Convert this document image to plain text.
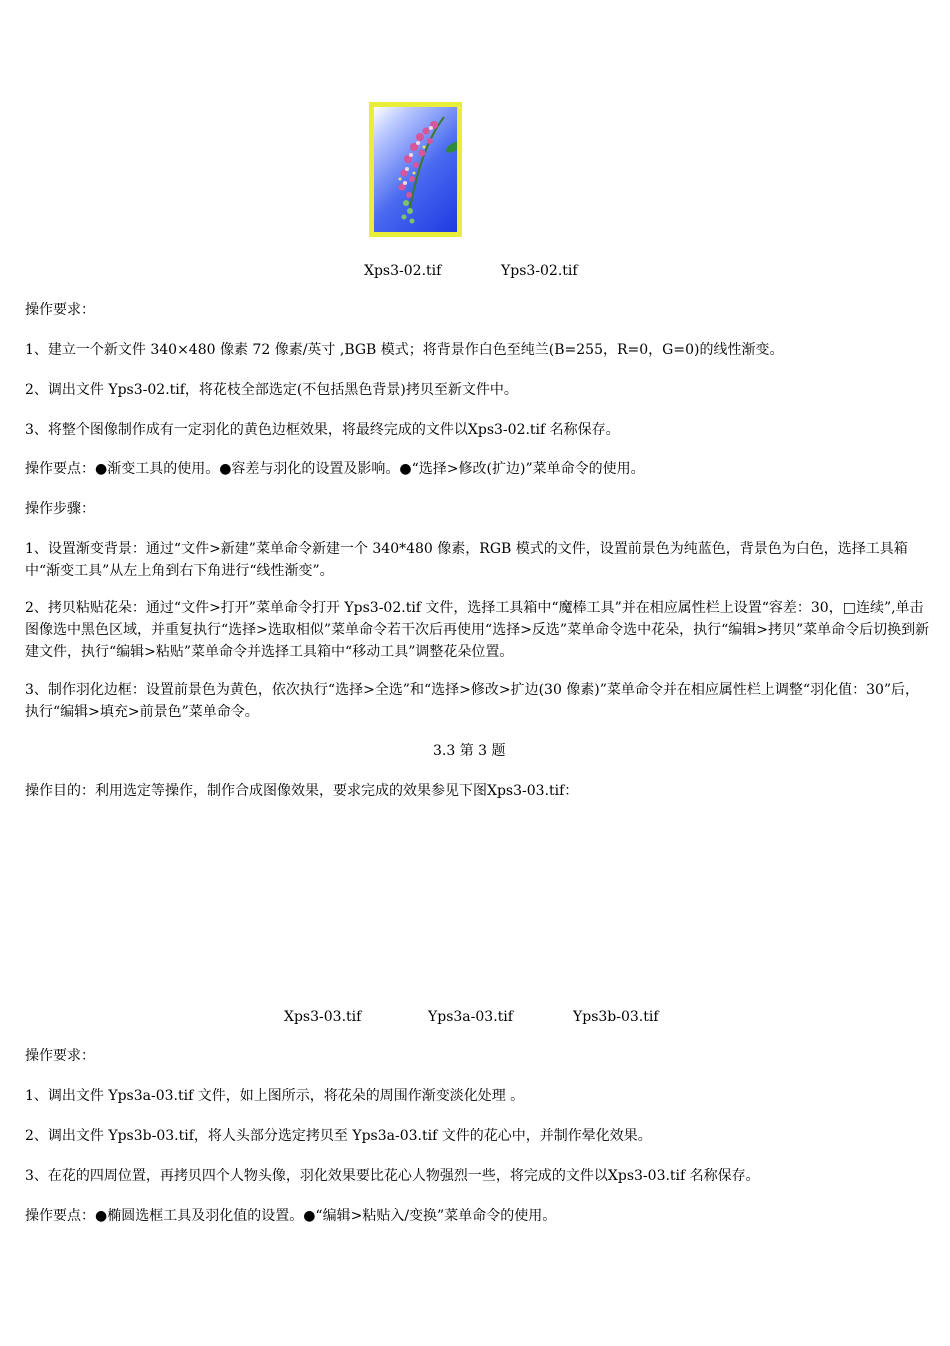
Xps3-02.tif	Yps3-02.tif
操作要求：
1、建立一个新文件 340×480 像素 72 像素/英寸 ,BGB 模式；将背景作白色至纯兰(B=255，R=0，G=0)的线性渐变。
2、调出文件 Yps3-02.tif，将花枝全部选定(不包括黑色背景)拷贝至新文件中。
3、将整个图像制作成有一定羽化的黄色边框效果，将最终完成的文件以Xps3-02.tif 名称保存。
操作要点：●渐变工具的使用。●容差与羽化的设置及影响。●“选择>修改(扩边)”菜单命令的使用。
操作步骤：
1、设置渐变背景：通过“文件>新建”菜单命令新建一个 340*480 像素，RGB 模式的文件，设置前景色为纯蓝色，背景色为白色，选择工具箱中“渐变工具”从左上角到右下角进行“线性渐变”。
2、拷贝粘贴花朵：通过“文件>打开”菜单命令打开 Yps3-02.tif 文件，选择工具箱中“魔棒工具”并在相应属性栏上设置“容差：30，□连续”,单击图像选中黑色区域，并重复执行“选择>选取相似”菜单命令若干次后再使用“选择>反选”菜单命令选中花朵，执行“编辑>拷贝”菜单命令后切换到新建文件，执行“编辑>粘贴”菜单命令并选择工具箱中“移动工具”调整花朵位置。
3、制作羽化边框：设置前景色为黄色，依次执行“选择>全选”和“选择>修改>扩边(30 像素)”菜单命令并在相应属性栏上调整“羽化值：30”后，执行“编辑>填充>前景色”菜单命令。
3.3 第 3 题
操作目的：利用选定等操作，制作合成图像效果，要求完成的效果参见下图Xps3-03.tif：
Xps3-03.tif	Yps3a-03.tif	Yps3b-03.tif
操作要求：
1、调出文件 Yps3a-03.tif 文件，如上图所示，将花朵的周围作渐变淡化处理 。
2、调出文件 Yps3b-03.tif，将人头部分选定拷贝至 Yps3a-03.tif 文件的花心中，并制作晕化效果。
3、在花的四周位置，再拷贝四个人物头像，羽化效果要比花心人物强烈一些，将完成的文件以Xps3-03.tif 名称保存。
操作要点：●椭圆选框工具及羽化值的设置。●“编辑>粘贴入/变换”菜单命令的使用。
